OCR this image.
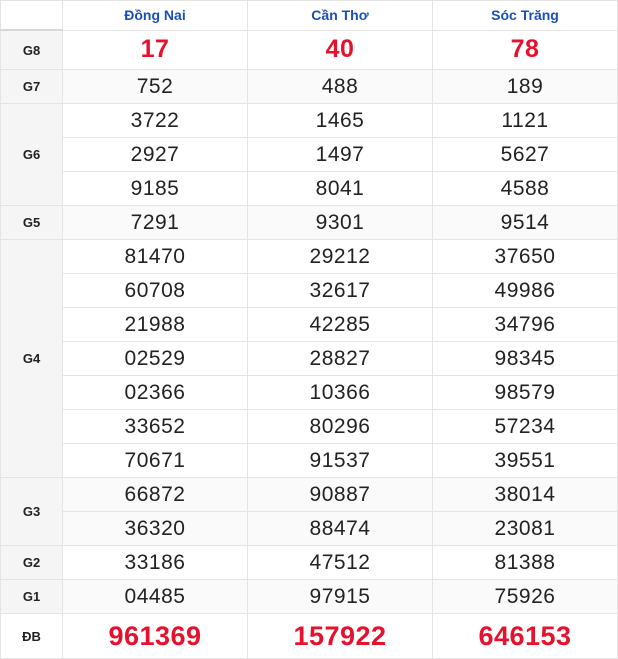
	Đồng Nai	Cần Thơ	Sóc Trăng
G8	17	40	78
G7	752	488	189
G6	3722	1465	1121
	2927	1497	5627
	9185	8041	4588
G5	7291	9301	9514
G4	81470	29212	37650
	60708	32617	49986
	21988	42285	34796
	02529	28827	98345
	02366	10366	98579
	33652	80296	57234
	70671	91537	39551
G3	66872	90887	38014
	36320	88474	23081
G2	33186	47512	81388
G1	04485	97915	75926
ĐB	961369	157922	646153
